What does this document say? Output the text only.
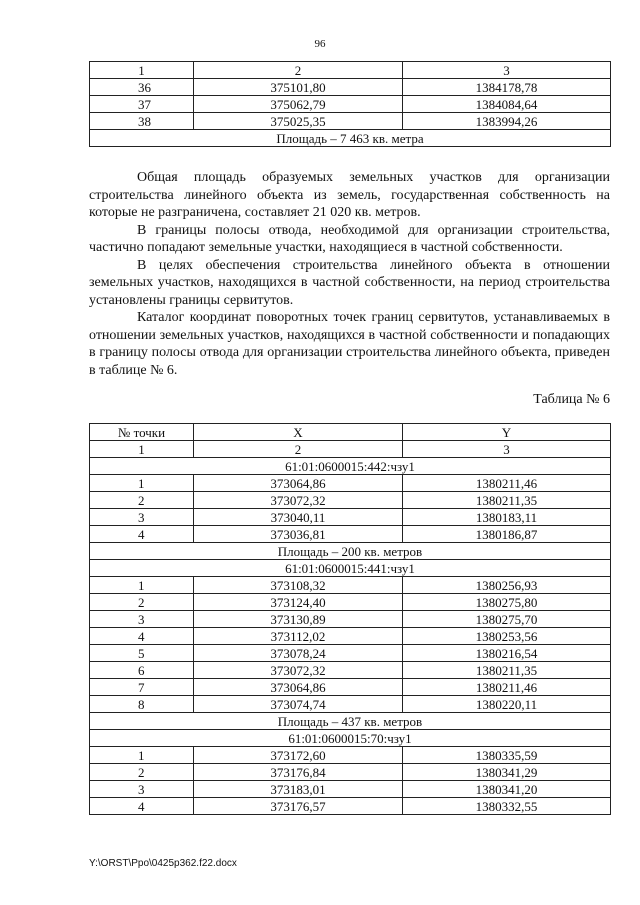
96
1	2	3
36	375101,80	1384178,78
37	375062,79	1384084,64
38	375025,35	1383994,26
Площадь – 7 463 кв. метра		

Общая площадь образуемых земельных участков для организации строительства линейного объекта из земель, государственная собственность на которые не разграничена, составляет 21 020 кв. метров.

В границы полосы отвода, необходимой для организации строительства, частично попадают земельные участки, находящиеся в частной собственности.

В целях обеспечения строительства линейного объекта в отношении земельных участков, находящихся в частной собственности, на период строительства установлены границы сервитутов.

Каталог координат поворотных точек границ сервитутов, устанавливаемых в отношении земельных участков, находящихся в частной собственности и попадающих в границу полосы отвода для организации строительства линейного объекта, приведен в таблице № 6.

Таблица № 6
№ точки	X	Y
1	2	3
61:01:0600015:442:чзу1		
1	373064,86	1380211,46
2	373072,32	1380211,35
3	373040,11	1380183,11
4	373036,81	1380186,87
Площадь – 200 кв. метров		
61:01:0600015:441:чзу1		
1	373108,32	1380256,93
2	373124,40	1380275,80
3	373130,89	1380275,70
4	373112,02	1380253,56
5	373078,24	1380216,54
6	373072,32	1380211,35
7	373064,86	1380211,46
8	373074,74	1380220,11
Площадь – 437 кв. метров		
61:01:0600015:70:чзу1		
1	373172,60	1380335,59
2	373176,84	1380341,29
3	373183,01	1380341,20
4	373176,57	1380332,55
Y:\ORST\Ppo\0425p362.f22.docx
